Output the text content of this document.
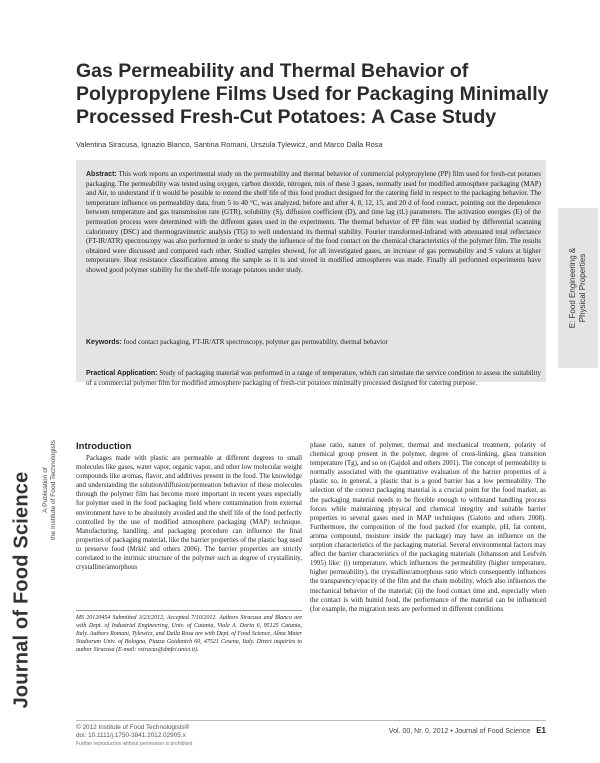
Gas Permeability and Thermal Behavior of Polypropylene Films Used for Packaging Minimally Processed Fresh-Cut Potatoes: A Case Study
Valentina Siracusa, Ignazio Blanco, Santina Romani, Urszula Tylewicz, and Marco Dalla Rosa
Abstract: This work reports an experimental study on the permeability and thermal behavior of commercial polypropylene (PP) film used for fresh-cut potatoes packaging. The permeability was tested using oxygen, carbon dioxide, nitrogen, mix of these 3 gases, normally used for modified atmosphere packaging (MAP) and Air, to understand if it would be possible to extend the shelf life of this food product designed for the catering field in respect to the packaging behavior. The temperature influence on permeability data, from 5 to 40 °C, was analyzed, before and after 4, 8, 12, 15, and 20 d of food contact, pointing out the dependence between temperature and gas transmission rate (GTR), solubility (S), diffusion coefficient (D), and time lag (tL) parameters. The activation energies (E) of the permeation process were determined with the different gases used in the experiments. The thermal behavior of PP film was studied by differential scanning calorimetry (DSC) and thermogravimetric analysis (TG) to well understand its thermal stability. Fourier transformed-infrared with attenuated total reflectance (FT-IR/ATR) spectroscopy was also performed in order to study the influence of the food contact on the chemical characteristics of the polymer film. The results obtained were discussed and compared each other. Studied samples showed, for all investigated gases, an increase of gas permeability and S values at higher temperature. Heat resistance classification among the sample as it is and stored in modified atmospheres was made. Finally all performed experiments have showed good polymer stability for the shelf-life storage potatoes under study.
Keywords: food contact packaging, FT-IR/ATR spectroscopy, polymer gas permeability, thermal behavior
Practical Application: Study of packaging material was performed in a range of temperature, which can simulate the service condition to assess the suitability of a commercial polymer film for modified atmosphere packaging of fresh-cut potatoes minimally processed designed for catering purpose.
E: Food Engineering & Physical Properties
Introduction

Packages made with plastic are permeable at different degrees to small molecules like gases, water vapor, organic vapor, and other low molecular weight compounds like aromas, flavor, and additives present in the food. The knowledge and understanding the solution/diffusion/permeation behavior of these molecules through the polymer film has become more important in recent years especially for polymer used in the food packaging field where contamination from external environment have to be absolutely avoided and the shelf life of the food perfectly controlled by the use of modified atmosphere packaging (MAP) technique. Manufacturing, handling, and packaging procedure can influence the final properties of packaging material, like the barrier properties of the plastic bag used to preserve food (Mrkić and others 2006). The barrier properties are strictly correlated to the intrinsic structure of the polymer such as degree of crystallinity, crystalline/amorphous

MS 20120454 Submitted 3/23/2012, Accepted 7/10/2012. Authors Siracusa and Blanco are with Dept. of Industrial Engineering, Univ. of Catania, Viale A. Doria 6, 95125 Catania, Italy. Authors Romani, Tylewicz, and Dalla Rosa are with Dept. of Food Science, Alma Mater Studiorum Univ. of Bologna, Piazza Goidanich 60, 47521 Cesena, Italy. Direct inquiries to author Siracusa (E-mail: vsiracus@dmfci.unict.it).

phase ratio, nature of polymer, thermal and mechanical treatment, polarity of chemical group present in the polymer, degree of cross-linking, glass transition temperature (Tg), and so on (Gajdoš and others 2001). The concept of permeability is normally associated with the quantitative evaluation of the barrier properties of a plastic so, in general, a plastic that is a good barrier has a low permeability. The selection of the correct packaging material is a crucial point for the food market, as the packaging material needs to be flexible enough to withstand handling process forces while maintaining physical and chemical integrity and suitable barrier properties to several gases used in MAP techniques (Galotto and others 2008). Furthermore, the composition of the food packed (for example, pH, fat content, aroma compound, moisture inside the package) may have an influence on the sorption characteristics of the packaging material. Several environmental factors may affect the barrier characteristics of the packaging materials (Johansson and Leufvén 1995) like: (i) temperature, which influences the permeability (higher temperature, higher permeability), the crystalline/amorphous ratio which consequently influences the transparency/opacity of the film and the chain mobility, which also influences the mechanical behavior of the material; (ii) the food contact time and, especially when the contact is with humid food, the performance of the material can be influenced (for example, the migration tests are performed in different conditions

Journal of Food Science A Publication of the Institute of Food Technologists
© 2012 Institute of Food Technologists®
doi: 10.1111/j.1750-3841.2012.02905.x
Further reproduction without permission is prohibited
Vol. 00, Nr. 0, 2012 • Journal of Food Science E1
